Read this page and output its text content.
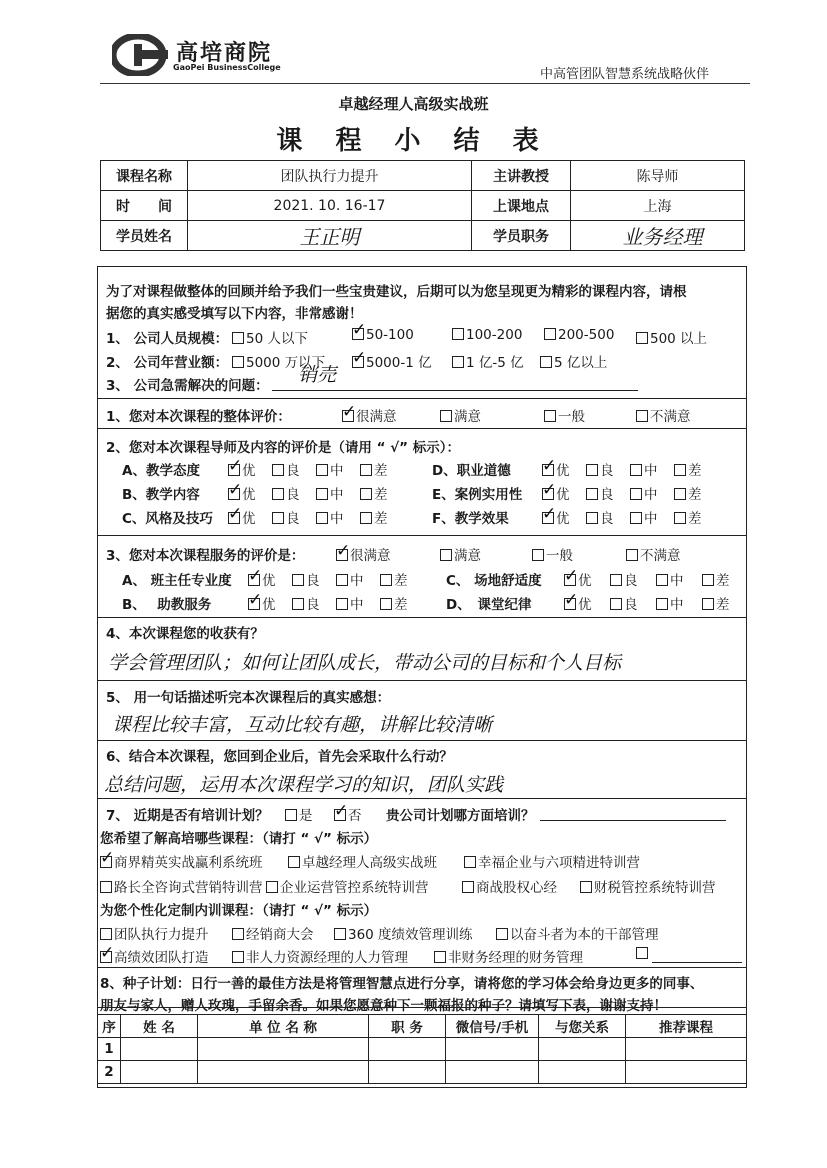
高培商院
GaoPei BusinessCollege	中高管团队智慧系统战略伙伴
卓越经理人高级实战班
课 程 小 结 表
课程名称	团队执行力提升	主讲教授	陈导师
时　　间	2021. 10. 16-17	上课地点	上海
学员姓名	王正明	学员职务	业务经理
为了对课程做整体的回顾并给予我们一些宝贵建议，后期可以为您呈现更为精彩的课程内容，请根
据您的真实感受填写以下内容，非常感谢！
1、 公司人员规模：	50 人以下 ✓	50-100	100-200	200-500	500 以上
2、 公司年营业额：	5000 万以下 ✓	5000-1 亿	1 亿-5 亿	5 亿以上
3、 公司急需解决的问题： 销売
1、您对本次课程的整体评价： ✓	很满意	满意	一般	不满意
2、您对本次课程导师及内容的评价是（请用 “ √” 标示）：
A、教学态度 ✓	优	良	中	差
B、教学内容 ✓	优	良	中	差
C、风格及技巧 ✓	优	良	中	差
D、职业道德 ✓	优	良	中	差
E、案例实用性 ✓	优	良	中	差
F、教学效果 ✓	优	良	中	差
3、您对本次课程服务的评价是： ✓	很满意	满意	一般	不满意
A、 班主任专业度 ✓	优	良	中	差
B、　 助教服务 ✓	优	良	中	差
C、 场地舒适度 ✓	优	良	中	差
D、　课堂纪律 ✓	优	良	中	差
4、本次课程您的收获有？
学会管理团队；如何让团队成长，带动公司的目标和个人目标
5、 用一句话描述听完本次课程后的真实感想：
课程比较丰富，互动比较有趣，讲解比较清晰
6、结合本次课程，您回到企业后，首先会采取什么行动？
总结问题，运用本次课程学习的知识，团队实践
7、 近期是否有培训计划？	是 ✓	否 贵公司计划哪方面培训？
您希望了解高培哪些课程：（请打 “ √” 标示）
✓商界精英实战赢利系统班	卓越经理人高级实战班	幸福企业与六项精进特训营
路长全咨询式营销特训营	企业运营管控系统特训营	商战股权心经	财税管控系统特训营
为您个性化定制内训课程：（请打 “ √” 标示）
团队执行力提升	经销商大会	360 度绩效管理训练	以奋斗者为本的干部管理
✓高绩效团队打造	非人力资源经理的人力管理	非财务经理的财务管理
8、种子计划：日行一善的最佳方法是将管理智慧点进行分享，请将您的学习体会给身边更多的同事、
朋友与家人，赠人玫瑰，手留余香。如果您愿意种下一颗福报的种子？请填写下表，谢谢支持！
序	姓 名	单 位 名 称	职 务	微信号/手机	与您关系	推荐课程
1						
2						
